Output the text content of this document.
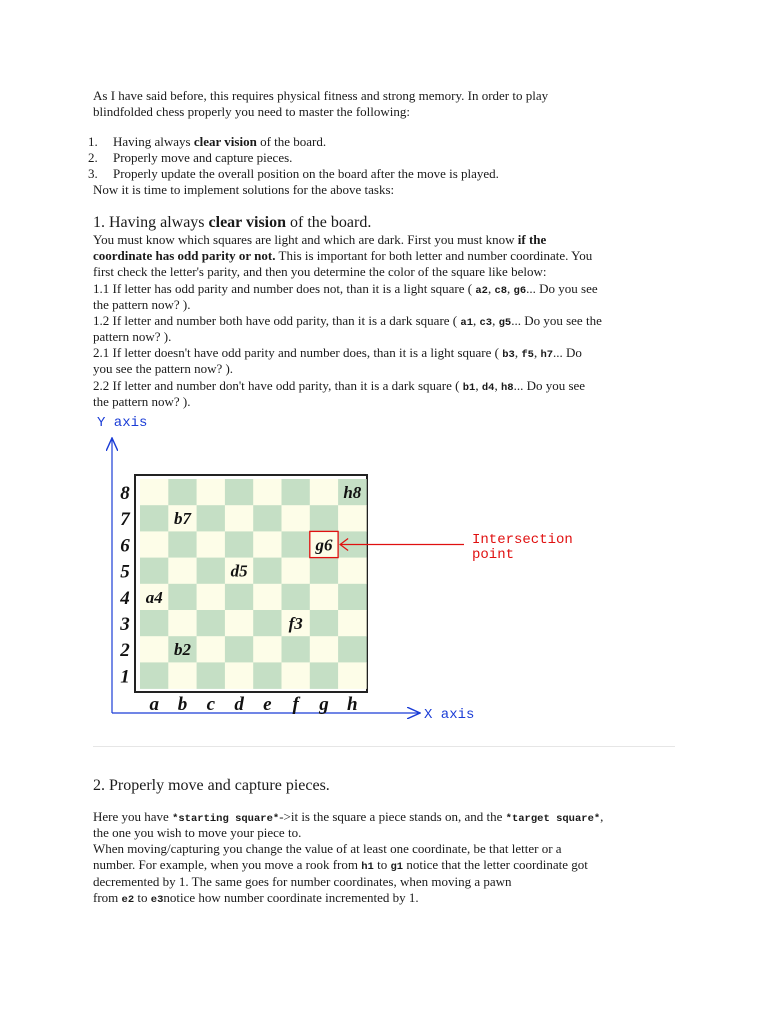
As I have said before, this requires physical fitness and strong memory. In order to play
blindfolded chess properly you need to master the following:
1. Having always clear vision of the board.
2. Properly move and capture pieces.
3. Properly update the overall position on the board after the move is played.
Now it is time to implement solutions for the above tasks:
1. Having always clear vision of the board.
You must know which squares are light and which are dark. First you must know if the
coordinate has odd parity or not. This is important for both letter and number coordinate. You
first check the letter's parity, and then you determine the color of the square like below:
1.1 If letter has odd parity and number does not, than it is a light square ( a2, c8, g6... Do you see
the pattern now? ).
1.2 If letter and number both have odd parity, than it is a dark square ( a1, c3, g5... Do you see the
pattern now? ).
2.1 If letter doesn't have odd parity and number does, than it is a light square ( b3, f5, h7... Do
you see the pattern now? ).
2.2 If letter and number don't have odd parity, than it is a dark square ( b1, d4, h8... Do you see
the pattern now? ).
Y axis
X axis
8
7
6
5
4
3
2
1
a b c d e f g h
h8
b7
g6
d5
a4
f3
b2
Intersection
point
2. Properly move and capture pieces.
Here you have *starting square*->it is the square a piece stands on, and the *target square*,
the one you wish to move your piece to.
When moving/capturing you change the value of at least one coordinate, be that letter or a
number. For example, when you move a rook from h1 to g1 notice that the letter coordinate got
decremented by 1. The same goes for number coordinates, when moving a pawn
from e2 to e3notice how number coordinate incremented by 1.
